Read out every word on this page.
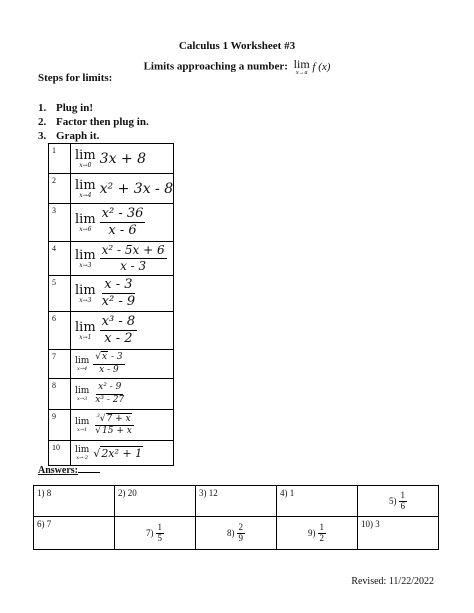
Calculus 1 Worksheet #3
Limits approaching a number: lim
x→a
f (x)
Steps for limits:
1. Plug in!
2. Factor then plug in.
3. Graph it.
1	lim
x→0 3x + 8

2	lim
x→4 x² + 3x - 8

3	lim
$x\to 6 \frac{\text{x² - 36}}{x - 6}$

4	lim
$x\to 3 \frac{\text{x² - 5x + 6}}{x - 3}$

5	lim
$x\to 3 \frac{x - 3}{\text{x² - 9}}$

6	lim
$x\to 1 \frac{\text{x³ - 8}}{x - 2}$

7	lim
$x\to 4 \frac{√x - 3}{x - 9}$

8	lim
$x\to 3 \frac{\text{x² - 9}}{\text{x³ - 27}}$

9	lim
$x\to 1 \frac{^3√7 + x}{√15 + x}$

10	lim
x→-2 √2x² + 1
Answers:
1) 8	2) 20	3) 12	4) 1	$5) \frac{1}{6}$

6) 7	$7) \frac{1}{5}$	$8) \frac{2}{9}$	$9) \frac{1}{2}$	10) 3
Revised: 11/22/2022
